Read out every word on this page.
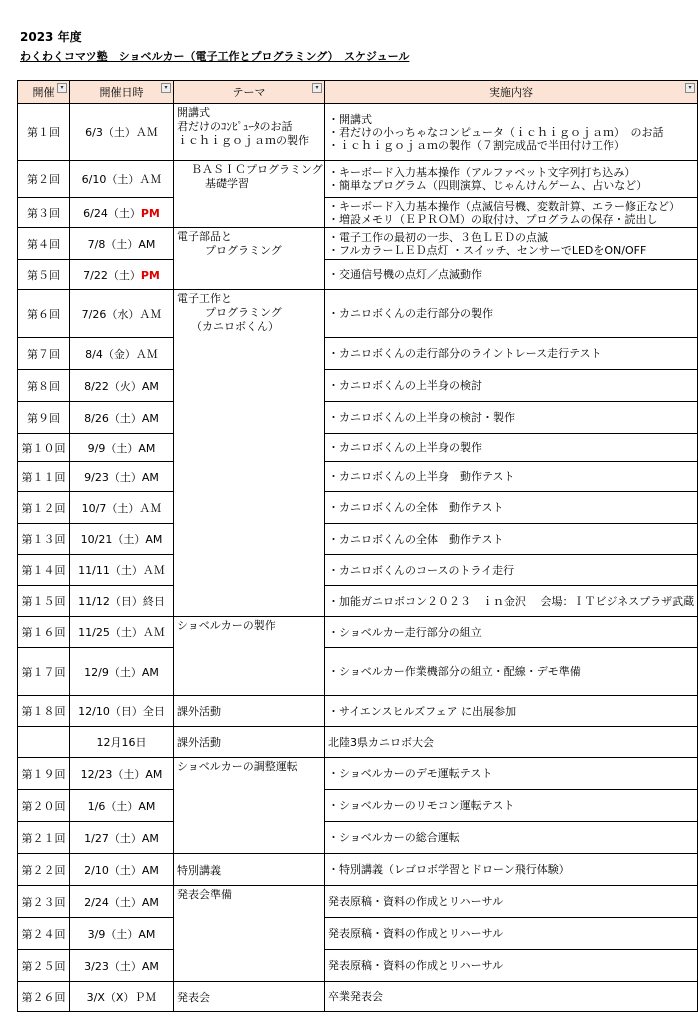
2023 年度
わくわくコマツ塾　ショベルカー（電子工作とプログラミング）　スケジュール
開催 ▾	開催日時 ▾	テーマ ▾	実施内容 ▾

第１回	6/3（土）ＡＭ	開講式
君だけのｺﾝﾋﾟｭｰﾀのお話
ｉｃｈｉｇｏｊａｍの製作	・開講式
・君だけの小っちゃなコンピュータ（ｉｃｈｉｇｏｊａｍ）　のお話
・ｉｃｈｉｇｏｊａｍの製作（７割完成品で半田付け工作）

第２回	6/10（土）ＡＭ	ＢＡＳＩＣプログラミング
基礎学習	・キーボード入力基本操作（アルファベット文字列打ち込み）
・簡単なプログラム（四則演算、じゃんけんゲーム、占いなど）

第３回	6/24（土）PM		・キーボード入力基本操作（点滅信号機、変数計算、エラー修正など）
・増設メモリ（ＥＰＲＯＭ）の取付け、プログラムの保存・読出し

第４回	7/8（土）AM	電子部品と
プログラミング	・電子工作の最初の一歩、３色ＬＥＤの点滅
・フルカラーＬＥＤ点灯 ・スイッチ、センサーでLEDをON/OFF

第５回	7/22（土）PM		・交通信号機の点灯／点滅動作
第６回	7/26（水）ＡＭ	電子工作と
プログラミング
（カニロボくん）	・カニロボくんの走行部分の製作
第７回	8/4（金）ＡＭ		・カニロボくんの走行部分のライントレース走行テスト
第８回	8/22（火）AM		・カニロボくんの上半身の検討
第９回	8/26（土）AM		・カニロボくんの上半身の検討・製作
第１０回	9/9（土）AM		・カニロボくんの上半身の製作
第１１回	9/23（土）AM		・カニロボくんの上半身　動作テスト
第１２回	10/7（土）ＡＭ		・カニロボくんの全体　動作テスト
第１３回	10/21（土）AM		・カニロボくんの全体　動作テスト
第１４回	11/11（土）ＡＭ		・カニロボくんのコースのトライ走行
第１５回	11/12（日）終日		・加能ガニロボコン２０２３　ｉｎ金沢　 会場：ＩＴビジネスプラザ武蔵
第１６回	11/25（土）ＡＭ	ショベルカーの製作	・ショベルカー走行部分の組立
第１７回	12/9（土）AM		・ショベルカー作業機部分の組立・配線・デモ準備
第１８回	12/10（日）全日	課外活動	・サイエンスヒルズフェア に出展参加
	12月16日	課外活動	北陸3県カニロボ大会
第１９回	12/23（土）AM	ショベルカーの調整運転	・ショベルカーのデモ運転テスト
第２０回	1/6（土）AM		・ショベルカーのリモコン運転テスト
第２１回	1/27（土）AM		・ショベルカーの総合運転
第２２回	2/10（土）AM	特別講義	・特別講義（レゴロボ学習とドローン飛行体験）
第２３回	2/24（土）AM	発表会準備	発表原稿・資料の作成とリハーサル
第２４回	3/9（土）AM		発表原稿・資料の作成とリハーサル
第２５回	3/23（土）AM		発表原稿・資料の作成とリハーサル
第２６回	3/X（X）ＰＭ	発表会	卒業発表会
